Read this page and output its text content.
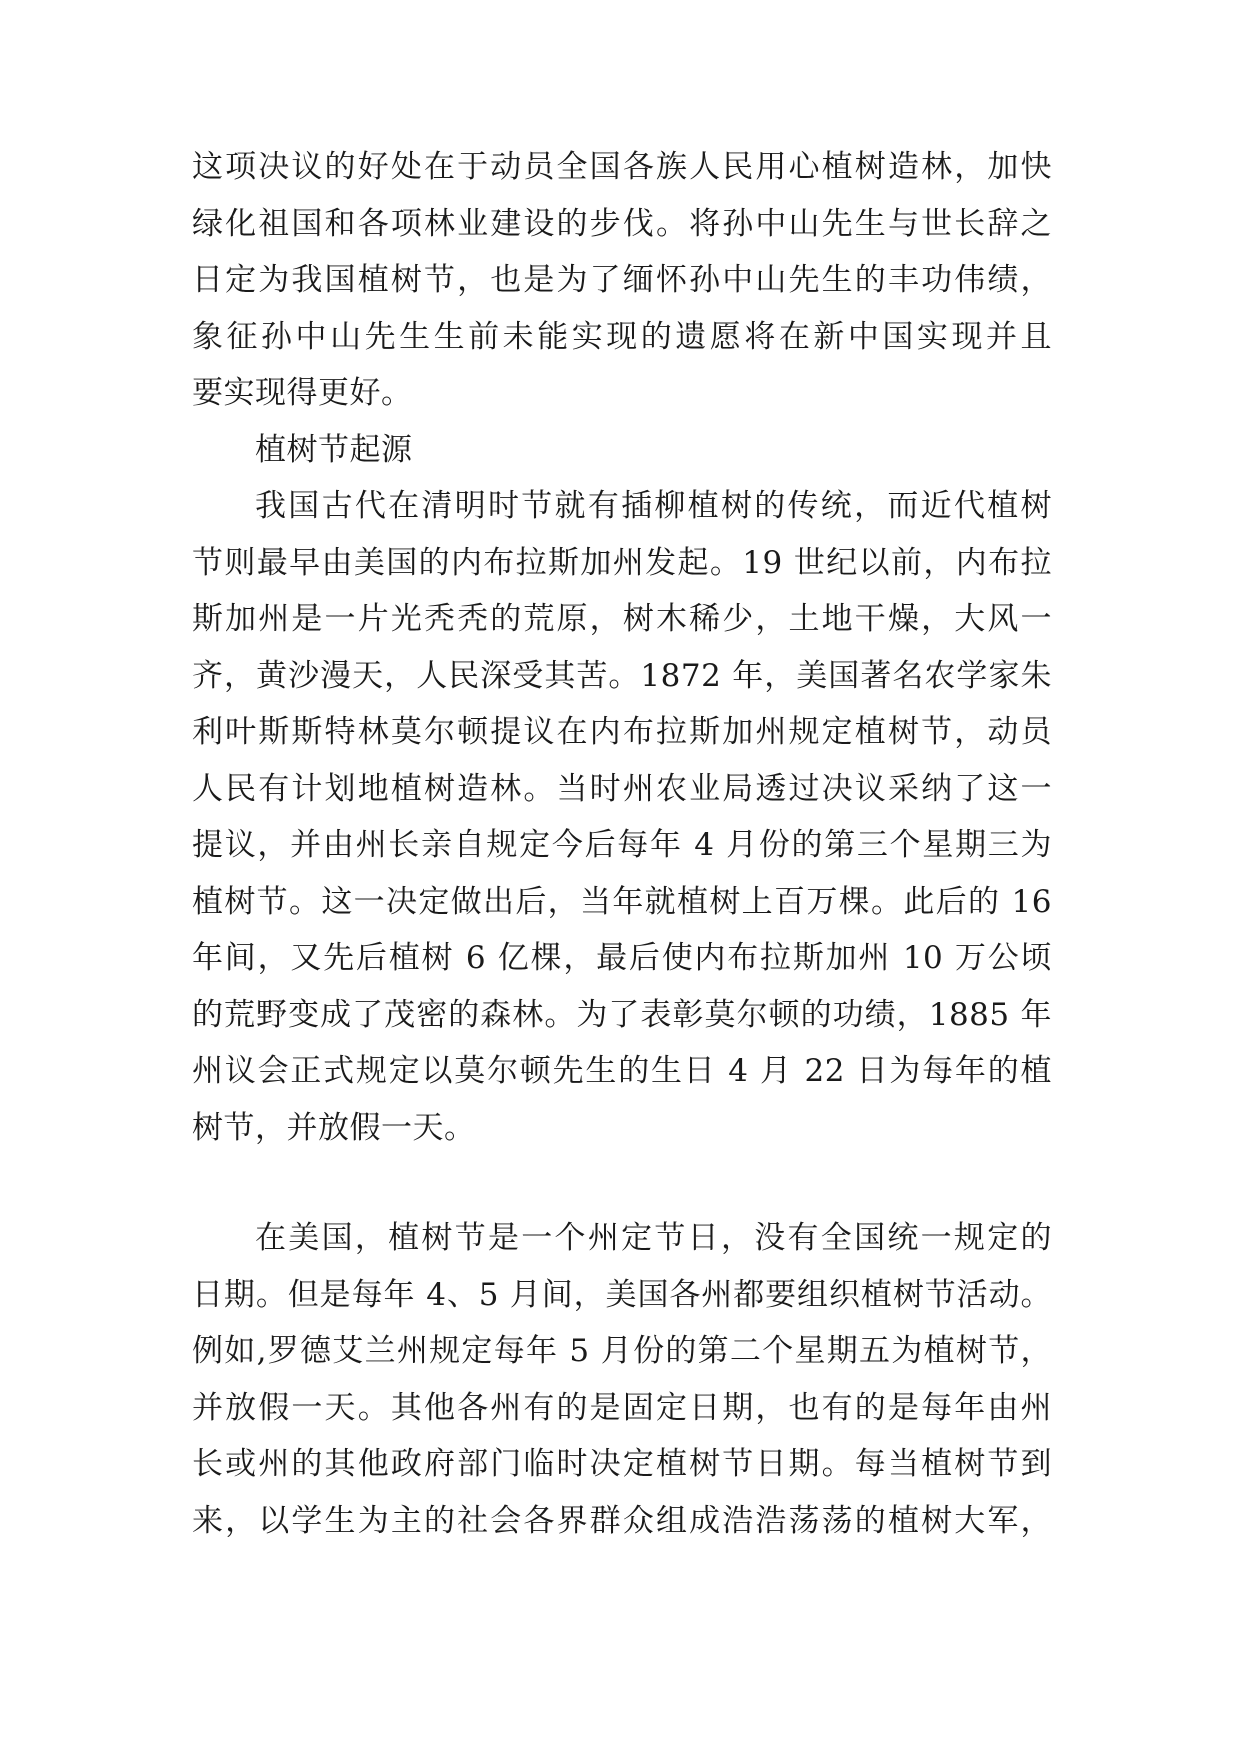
这项决议的好处在于动员全国各族人民用心植树造林，加快
绿化祖国和各项林业建设的步伐。将孙中山先生与世长辞之
日定为我国植树节，也是为了缅怀孙中山先生的丰功伟绩，
象征孙中山先生生前未能实现的遗愿将在新中国实现并且
要实现得更好。
植树节起源
我国古代在清明时节就有插柳植树的传统，而近代植树
节则最早由美国的内布拉斯加州发起。19 世纪以前，内布拉
斯加州是一片光秃秃的荒原，树木稀少，土地干燥，大风一
齐，黄沙漫天，人民深受其苦。1872 年，美国著名农学家朱
利叶斯斯特林莫尔顿提议在内布拉斯加州规定植树节，动员
人民有计划地植树造林。当时州农业局透过决议采纳了这一
提议，并由州长亲自规定今后每年 4 月份的第三个星期三为
植树节。这一决定做出后，当年就植树上百万棵。此后的 16
年间，又先后植树 6 亿棵，最后使内布拉斯加州 10 万公顷
的荒野变成了茂密的森林。为了表彰莫尔顿的功绩，1885 年
州议会正式规定以莫尔顿先生的生日 4 月 22 日为每年的植
树节，并放假一天。
在美国，植树节是一个州定节日，没有全国统一规定的
日期。但是每年 4、5 月间，美国各州都要组织植树节活动。
例如,罗德艾兰州规定每年 5 月份的第二个星期五为植树节，
并放假一天。其他各州有的是固定日期，也有的是每年由州
长或州的其他政府部门临时决定植树节日期。每当植树节到
来，以学生为主的社会各界群众组成浩浩荡荡的植树大军，
